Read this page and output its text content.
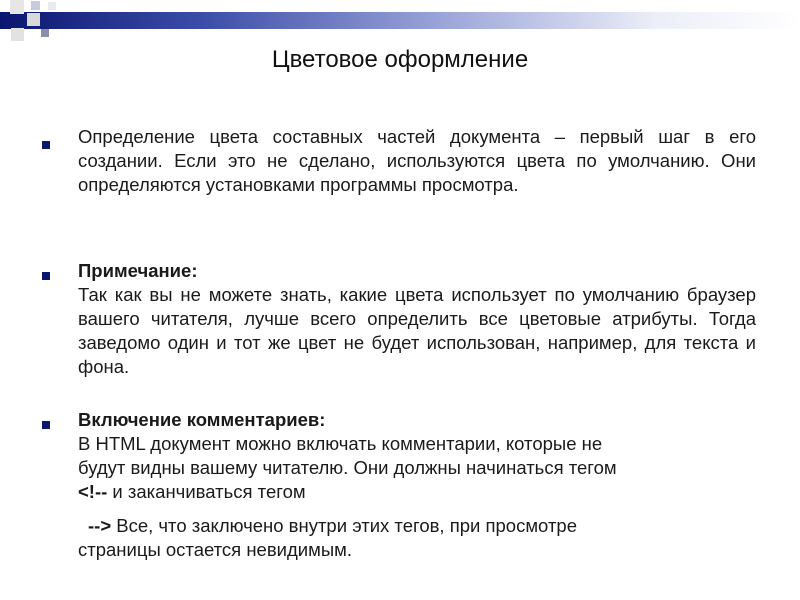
Цветовое оформление

Определение цвета составных частей документа – первый шаг в его создании. Если это не сделано, используются цвета по умолчанию. Они определяются установками программы просмотра.

Примечание:

Так как вы не можете знать, какие цвета использует по умолчанию браузер вашего читателя, лучше всего определить все цветовые атрибуты. Тогда заведомо один и тот же цвет не будет использован, например, для текста и фона.

Включение комментариев:

В HTML документ можно включать комментарии, которые не

будут видны вашему читателю. Они должны начинаться тегом

<!-- и заканчиваться тегом

--> Все, что заключено внутри этих тегов, при просмотре

страницы остается невидимым.
